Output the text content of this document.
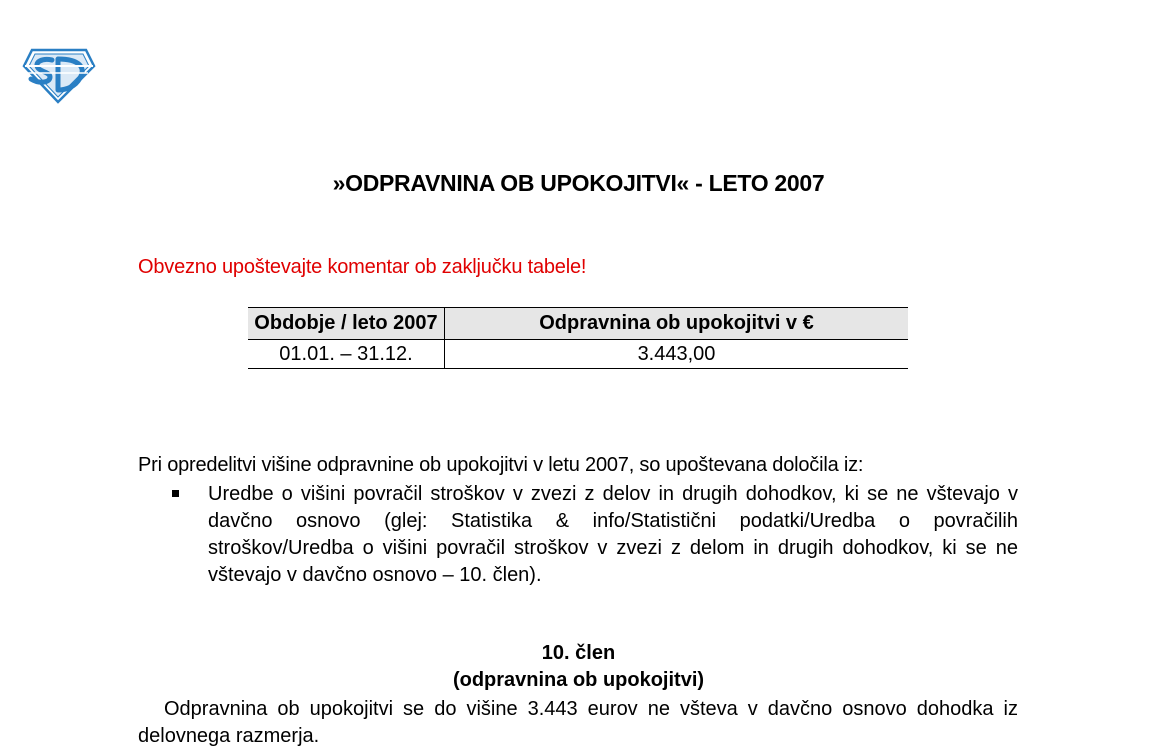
»ODPRAVNINA OB UPOKOJITVI« - LETO 2007
Obvezno upoštevajte komentar ob zaključku tabele!
Obdobje / leto 2007	Odpravnina ob upokojitvi v €
01.01. – 31.12.	3.443,00
Pri opredelitvi višine odpravnine ob upokojitvi v letu 2007, so upoštevana določila iz:
Uredbe o višini povračil stroškov v zvezi z delov in drugih dohodkov, ki se ne vštevajo v davčno osnovo (glej: Statistika & info/Statistični podatki/Uredba o povračilih stroškov/Uredba o višini povračil stroškov v zvezi z delom in drugih dohodkov, ki se ne vštevajo v davčno osnovo – 10. člen).
10. člen
(odpravnina ob upokojitvi)
Odpravnina ob upokojitvi se do višine 3.443 eurov ne všteva v davčno osnovo dohodka iz delovnega razmerja.
